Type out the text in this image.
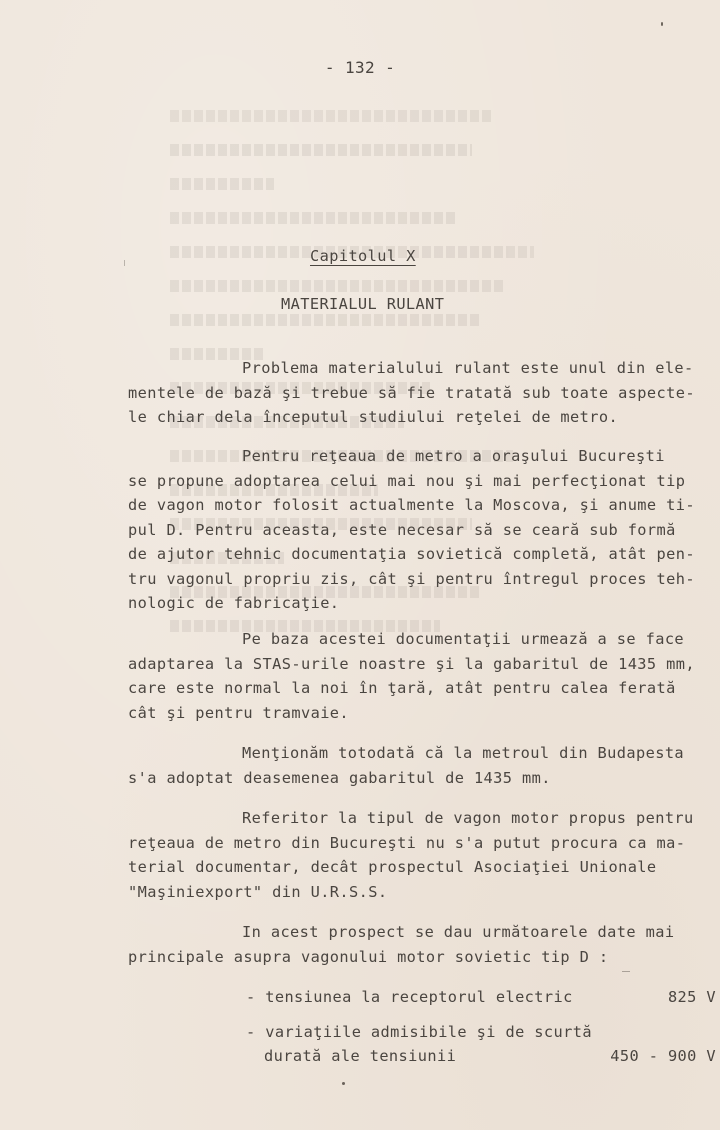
- 132 -
Capitolul X
MATERIALUL RULANT
Problema materialului rulant este unul din ele-
mentele de bază şi trebue să fie tratată sub toate aspecte-
le chiar dela începutul studiului reţelei de metro.
Pentru reţeaua de metro a oraşului Bucureşti
se propune adoptarea celui mai nou şi mai perfecţionat tip
de vagon motor folosit actualmente la Moscova, şi anume ti-
pul D. Pentru aceasta, este necesar să se ceară sub formă
de ajutor tehnic documentaţia sovietică completă, atât pen-
tru vagonul propriu zis, cât şi pentru întregul proces teh-
nologic de fabricaţie.
Pe baza acestei documentaţii urmează a se face
adaptarea la STAS-urile noastre şi la gabaritul de 1435 mm,
care este normal la noi în ţară, atât pentru calea ferată
cât şi pentru tramvaie.
Menţionăm totodată că la metroul din Budapesta
s'a adoptat deasemenea gabaritul de 1435 mm.
Referitor la tipul de vagon motor propus pentru
reţeaua de metro din Bucureşti nu s'a putut procura ca ma-
terial documentar, decât prospectul Asociaţiei Unionale
"Maşiniexport" din U.R.S.S.
In acest prospect se dau următoarele date mai
principale asupra vagonului motor sovietic tip D :
- tensiunea la receptorul electric	825 V
- variaţiile admisibile şi de scurtă
durată ale tensiunii	450 - 900 V
